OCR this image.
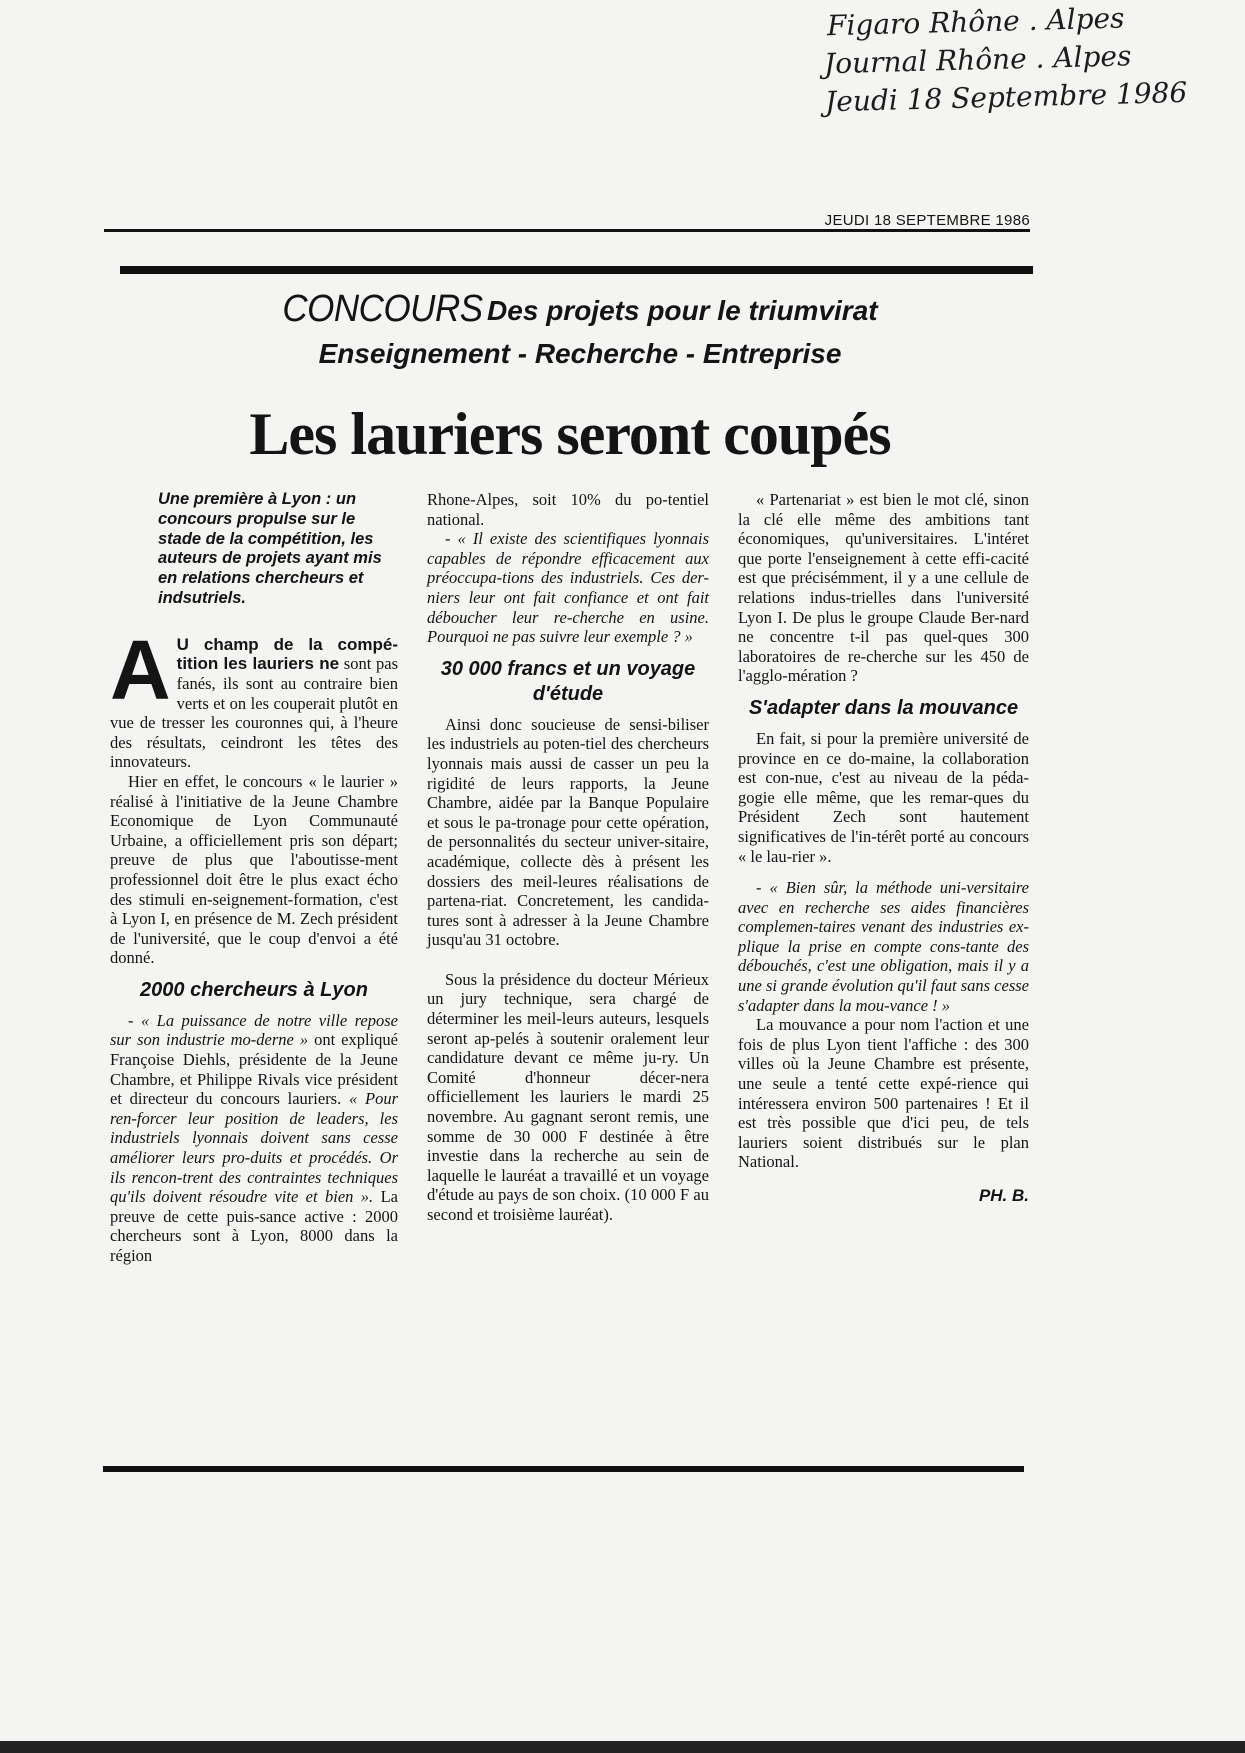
Figaro Rhône . Alpes
Journal Rhône . Alpes
Jeudi 18 Septembre 1986
JEUDI 18 SEPTEMBRE 1986
CONCOURS Des projets pour le triumvirat
Enseignement - Recherche - Entreprise
Les lauriers seront coupés

Une première à Lyon : un concours propulse sur le stade de la compétition, les auteurs de projets ayant mis en relations chercheurs et indsutriels.

A U champ de la compé-tition les lauriers ne sont pas fanés, ils sont au contraire bien verts et on les couperait plutôt en vue de tresser les couronnes qui, à l'heure des résultats, ceindront les têtes des innovateurs.

Hier en effet, le concours « le laurier » réalisé à l'initiative de la Jeune Chambre Economique de Lyon Communauté Urbaine, a officiellement pris son départ; preuve de plus que l'aboutisse-ment professionnel doit être le plus exact écho des stimuli en-seignement-formation, c'est à Lyon I, en présence de M. Zech président de l'université, que le coup d'envoi a été donné.

2000 chercheurs à Lyon

- « La puissance de notre ville repose sur son industrie mo-derne » ont expliqué Françoise Diehls, présidente de la Jeune Chambre, et Philippe Rivals vice président et directeur du concours lauriers. « Pour ren-forcer leur position de leaders, les industriels lyonnais doivent sans cesse améliorer leurs pro-duits et procédés. Or ils rencon-trent des contraintes techniques qu'ils doivent résoudre vite et bien ». La preuve de cette puis-sance active : 2000 chercheurs sont à Lyon, 8000 dans la région

Rhone-Alpes, soit 10% du po-tentiel national.

- « Il existe des scientifiques lyonnais capables de répondre efficacement aux préoccupa-tions des industriels. Ces der-niers leur ont fait confiance et ont fait déboucher leur re-cherche en usine. Pourquoi ne pas suivre leur exemple ? »

30 000 francs et un voyage d'étude

Ainsi donc soucieuse de sensi-biliser les industriels au poten-tiel des chercheurs lyonnais mais aussi de casser un peu la rigidité de leurs rapports, la Jeune Chambre, aidée par la Banque Populaire et sous le pa-tronage pour cette opération, de personnalités du secteur univer-sitaire, académique, collecte dès à présent les dossiers des meil-leures réalisations de partena-riat. Concretement, les candida-tures sont à adresser à la Jeune Chambre jusqu'au 31 octobre.

Sous la présidence du docteur Mérieux un jury technique, sera chargé de déterminer les meil-leurs auteurs, lesquels seront ap-pelés à soutenir oralement leur candidature devant ce même ju-ry. Un Comité d'honneur décer-nera officiellement les lauriers le mardi 25 novembre. Au gagnant seront remis, une somme de 30 000 F destinée à être investie dans la recherche au sein de laquelle le lauréat a travaillé et un voyage d'étude au pays de son choix. (10 000 F au second et troisième lauréat).

« Partenariat » est bien le mot clé, sinon la clé elle même des ambitions tant économiques, qu'universitaires. L'intéret que porte l'enseignement à cette effi-cacité est que précisémment, il y a une cellule de relations indus-trielles dans l'université Lyon I. De plus le groupe Claude Ber-nard ne concentre t-il pas quel-ques 300 laboratoires de re-cherche sur les 450 de l'agglo-mération ?

S'adapter dans la mouvance

En fait, si pour la première université de province en ce do-maine, la collaboration est con-nue, c'est au niveau de la péda-gogie elle même, que les remar-ques du Président Zech sont hautement significatives de l'in-térêt porté au concours « le lau-rier ».

- « Bien sûr, la méthode uni-versitaire avec en recherche ses aides financières complemen-taires venant des industries ex-plique la prise en compte cons-tante des débouchés, c'est une obligation, mais il y a une si grande évolution qu'il faut sans cesse s'adapter dans la mou-vance ! »

La mouvance a pour nom l'action et une fois de plus Lyon tient l'affiche : des 300 villes où la Jeune Chambre est présente, une seule a tenté cette expé-rience qui intéressera environ 500 partenaires ! Et il est très possible que d'ici peu, de tels lauriers soient distribués sur le plan National.

PH. B.
